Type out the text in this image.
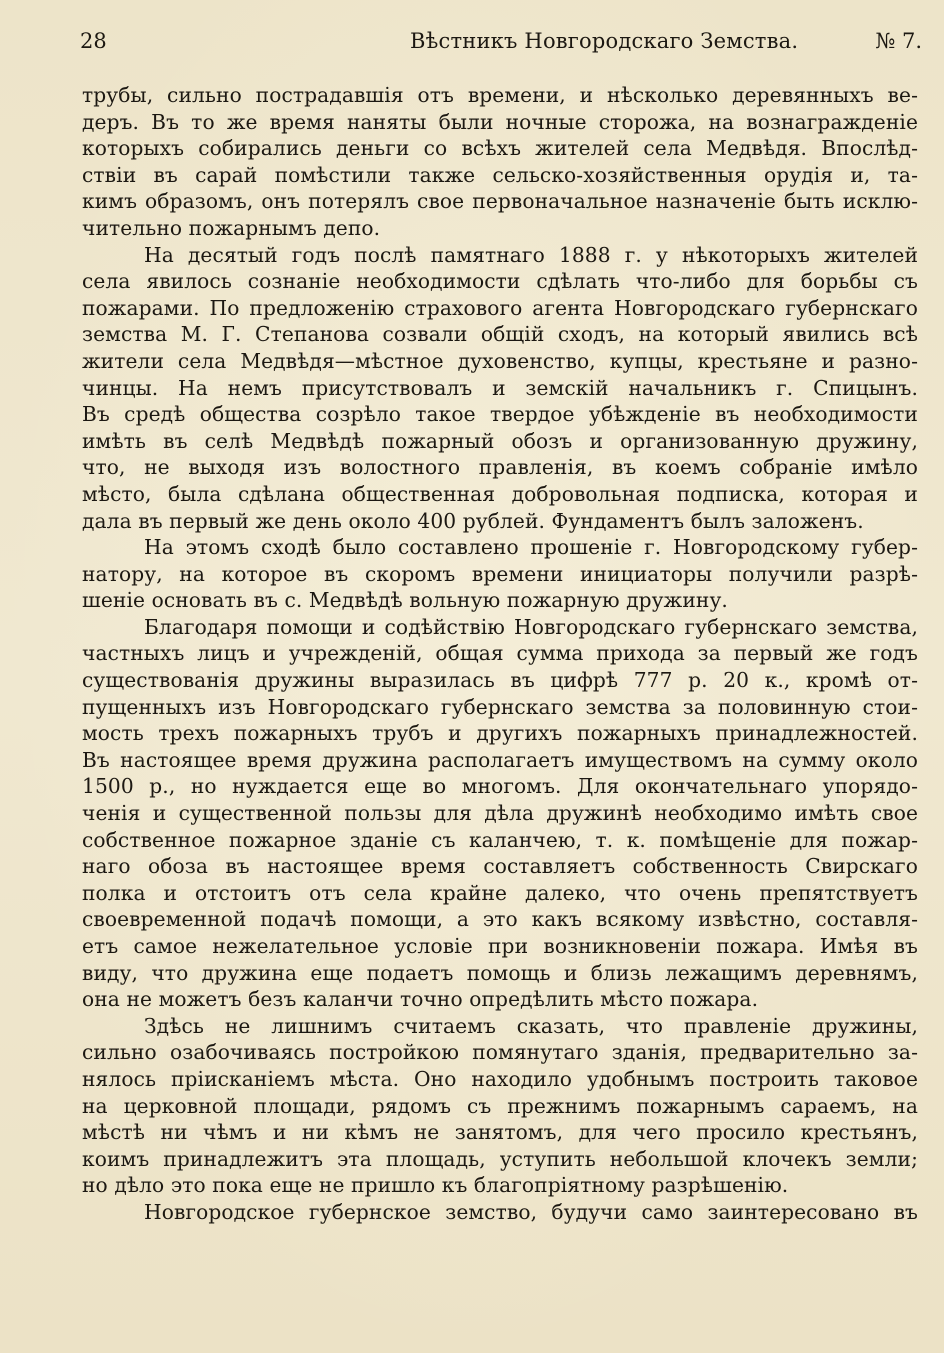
28	Вѣстникъ Новгородскаго Земства.	№ 7.
трубы, сильно пострадавшія отъ времени, и нѣсколько деревянныхъ ве-
деръ. Въ то же время наняты были ночные сторожа, на вознагражденіе
которыхъ собирались деньги со всѣхъ жителей села Медвѣдя. Впослѣд-
ствіи въ сарай помѣстили также сельско-хозяйственныя орудія и, та-
кимъ образомъ, онъ потерялъ свое первоначальное назначеніе быть исклю-
чительно пожарнымъ депо.
На десятый годъ послѣ памятнаго 1888 г. у нѣкоторыхъ жителей
села явилось сознаніе необходимости сдѣлать что-либо для борьбы съ
пожарами. По предложенію страхового агента Новгородскаго губернскаго
земства М. Г. Степанова созвали общій сходъ, на который явились всѣ
жители села Медвѣдя—мѣстное духовенство, купцы, крестьяне и разно-
чинцы. На немъ присутствовалъ и земскій начальникъ г. Спицынъ.
Въ средѣ общества созрѣло такое твердое убѣжденіе въ необходимости
имѣть въ селѣ Медвѣдѣ пожарный обозъ и организованную дружину,
что, не выходя изъ волостного правленія, въ коемъ собраніе имѣло
мѣсто, была сдѣлана общественная добровольная подписка, которая и
дала въ первый же день около 400 рублей. Фундаментъ былъ заложенъ.
На этомъ сходѣ было составлено прошеніе г. Новгородскому губер-
натору, на которое въ скоромъ времени инициаторы получили разрѣ-
шеніе основать въ с. Медвѣдѣ вольную пожарную дружину.
Благодаря помощи и содѣйствію Новгородскаго губернскаго земства,
частныхъ лицъ и учрежденій, общая сумма прихода за первый же годъ
существованія дружины выразилась въ цифрѣ 777 р. 20 к., кромѣ от-
пущенныхъ изъ Новгородскаго губернскаго земства за половинную стои-
мость трехъ пожарныхъ трубъ и другихъ пожарныхъ принадлежностей.
Въ настоящее время дружина располагаетъ имуществомъ на сумму около
1500 р., но нуждается еще во многомъ. Для окончательнаго упорядо-
ченія и существенной пользы для дѣла дружинѣ необходимо имѣть свое
собственное пожарное зданіе съ каланчею, т. к. помѣщеніе для пожар-
наго обоза въ настоящее время составляетъ собственность Свирскаго
полка и отстоитъ отъ села крайне далеко, что очень препятствуетъ
своевременной подачѣ помощи, а это какъ всякому извѣстно, составля-
етъ самое нежелательное условіе при возникновеніи пожара. Имѣя въ
виду, что дружина еще подаетъ помощь и близь лежащимъ деревнямъ,
она не можетъ безъ каланчи точно опредѣлить мѣсто пожара.
Здѣсь не лишнимъ считаемъ сказать, что правленіе дружины,
сильно озабочиваясь постройкою помянутаго зданія, предварительно за-
нялось пріисканіемъ мѣста. Оно находило удобнымъ построить таковое
на церковной площади, рядомъ съ прежнимъ пожарнымъ сараемъ, на
мѣстѣ ни чѣмъ и ни кѣмъ не занятомъ, для чего просило крестьянъ,
коимъ принадлежитъ эта площадь, уступить небольшой клочекъ земли;
но дѣло это пока еще не пришло къ благопріятному разрѣшенію.
Новгородское губернское земство, будучи само заинтересовано въ
